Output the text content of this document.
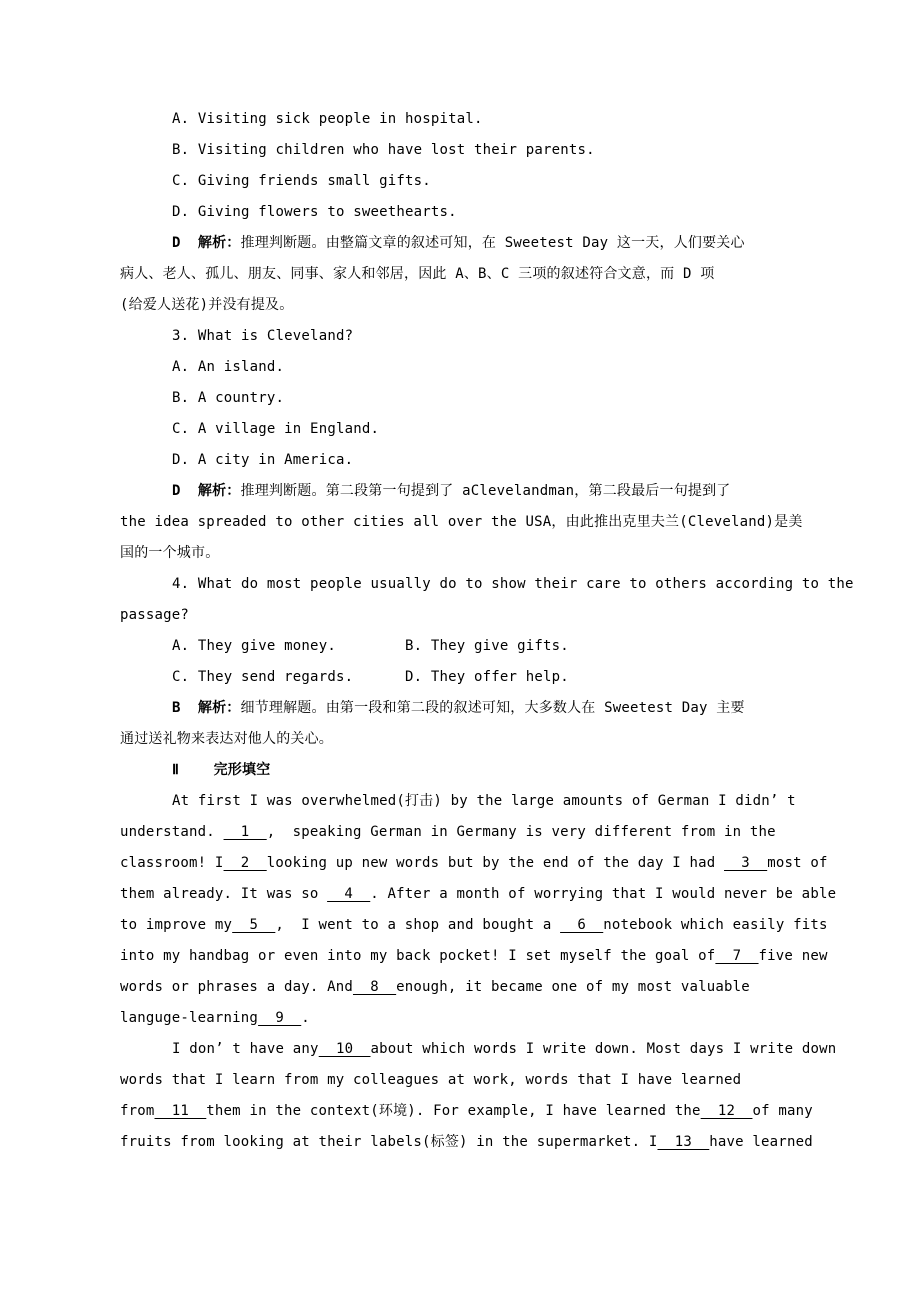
A. Visiting sick people in hospital.
B. Visiting children who have lost their parents.
C. Giving friends small gifts.
D. Giving flowers to sweethearts.
D  解析：推理判断题。由整篇文章的叙述可知，在 Sweetest Day 这一天，人们要关心
病人、老人、孤儿、朋友、同事、家人和邻居，因此 A、B、C 三项的叙述符合文意，而 D 项
(给爱人送花)并没有提及。
3. What is Cleveland?
A. An island.
B. A country.
C. A village in England.
D. A city in America.
D  解析：推理判断题。第二段第一句提到了 aClevelandman，第二段最后一句提到了
the idea spreaded to other cities all over the USA，由此推出克里夫兰(Cleveland)是美
国的一个城市。
4. What do most people usually do to show their care to others according to the
passage?
A. They give money.        B. They give gifts.
C. They send regards.      D. They offer help.
B  解析：细节理解题。由第一段和第二段的叙述可知，大多数人在 Sweetest Day 主要
通过送礼物来表达对他人的关心。
Ⅱ    完形填空
At first I was overwhelmed(打击) by the large amounts of German I didn’ t
understand.   1  ,  speaking German in Germany is very different from in the
classroom! I  2  looking up new words but by the end of the day I had   3  most of
them already. It was so   4  . After a month of worrying that I would never be able
to improve my  5  ,  I went to a shop and bought a   6  notebook which easily fits
into my handbag or even into my back pocket! I set myself the goal of  7  five new
words or phrases a day. And  8  enough, it became one of my most valuable
languge-learning  9  .
I don’ t have any  10  about which words I write down. Most days I write down
words that I learn from my colleagues at work, words that I have learned
from  11  them in the context(环境). For example, I have learned the  12  of many
fruits from looking at their labels(标签) in the supermarket. I  13  have learned
